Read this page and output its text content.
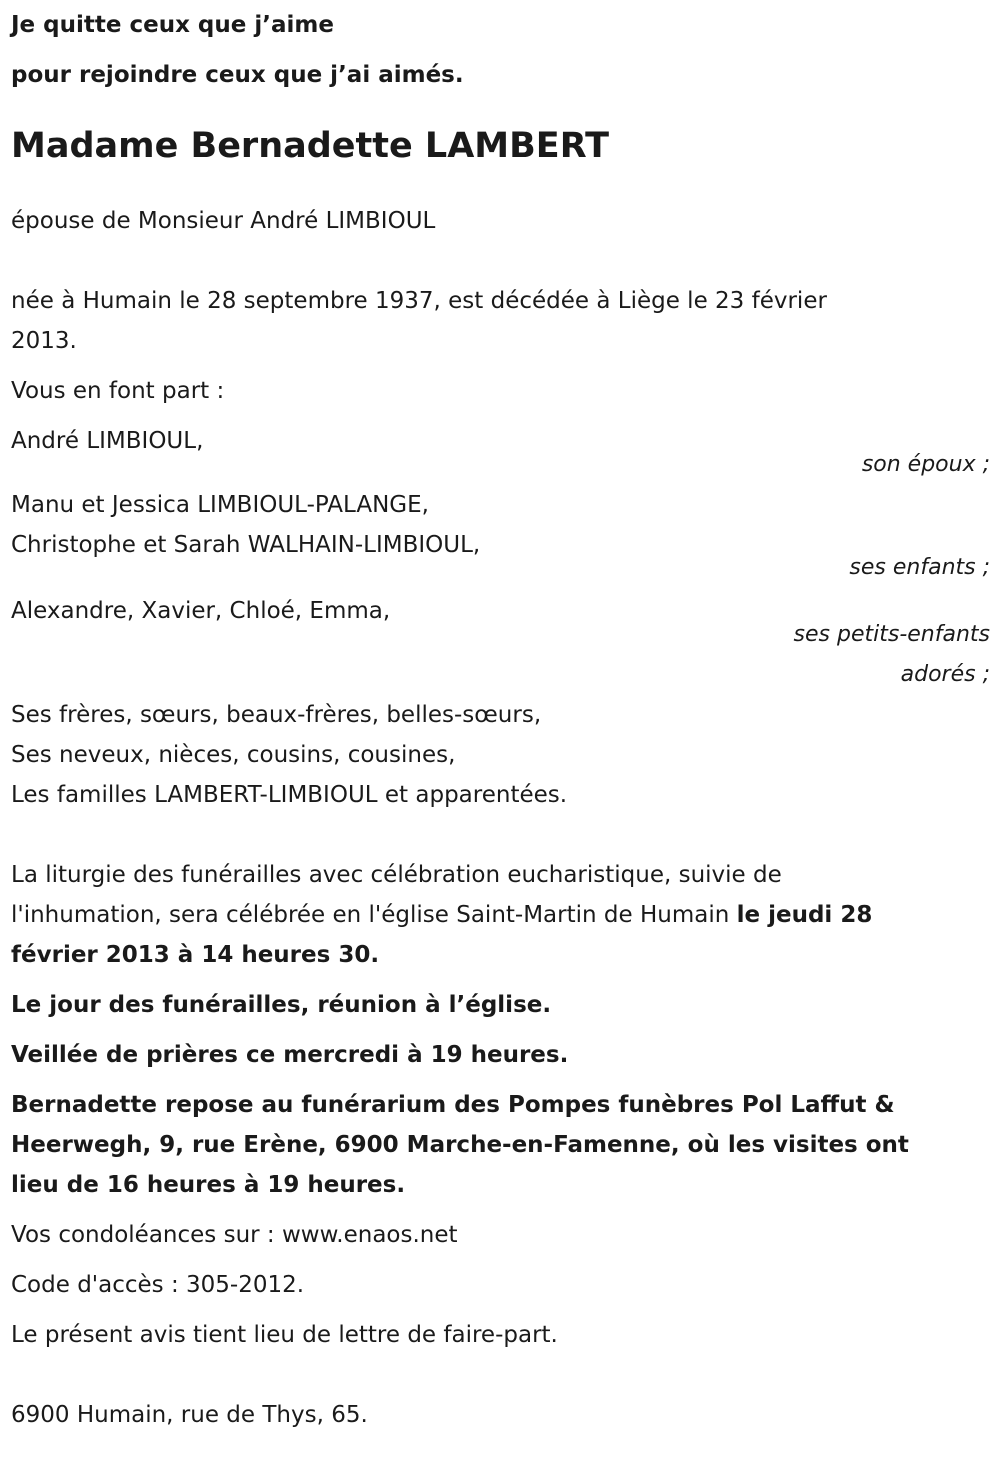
Je quitte ceux que j’aime
pour rejoindre ceux que j’ai aimés.
Madame Bernadette LAMBERT
épouse de Monsieur André LIMBIOUL
née à Humain le 28 septembre 1937, est décédée à Liège le 23 février
2013.
Vous en font part :
André LIMBIOUL,
son époux ;
Manu et Jessica LIMBIOUL-PALANGE,
Christophe et Sarah WALHAIN-LIMBIOUL,
ses enfants ;
Alexandre, Xavier, Chloé, Emma,
ses petits-enfants
adorés ;
Ses frères, sœurs, beaux-frères, belles-sœurs,
Ses neveux, nièces, cousins, cousines,
Les familles LAMBERT-LIMBIOUL et apparentées.
La liturgie des funérailles avec célébration eucharistique, suivie de
l'inhumation, sera célébrée en l'église Saint-Martin de Humain le jeudi 28
février 2013 à 14 heures 30.
Le jour des funérailles, réunion à l’église.
Veillée de prières ce mercredi à 19 heures.
Bernadette repose au funérarium des Pompes funèbres Pol Laffut &
Heerwegh, 9, rue Erène, 6900 Marche-en-Famenne, où les visites ont
lieu de 16 heures à 19 heures.
Vos condoléances sur : www.enaos.net
Code d'accès : 305-2012.
Le présent avis tient lieu de lettre de faire-part.
6900 Humain, rue de Thys, 65.
